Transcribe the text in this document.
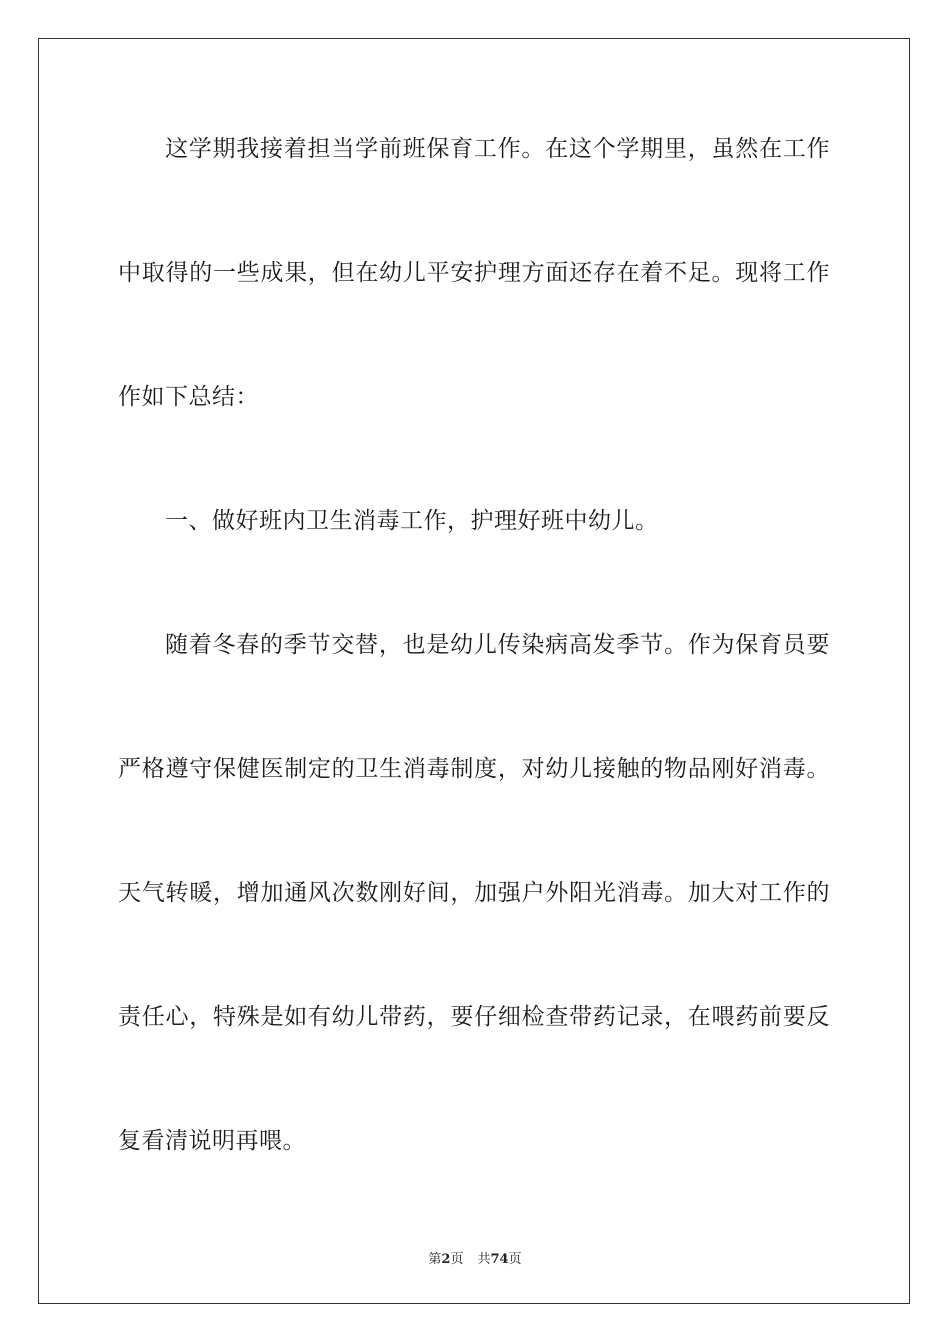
这学期我接着担当学前班保育工作。在这个学期里，虽然在工作
中取得的一些成果，但在幼儿平安护理方面还存在着不足。现将工作
作如下总结：
一、做好班内卫生消毒工作，护理好班中幼儿。
随着冬春的季节交替，也是幼儿传染病高发季节。作为保育员要
严格遵守保健医制定的卫生消毒制度，对幼儿接触的物品刚好消毒。
天气转暖，增加通风次数刚好间，加强户外阳光消毒。加大对工作的
责任心，特殊是如有幼儿带药，要仔细检查带药记录，在喂药前要反
复看清说明再喂。
第2页 共74页
